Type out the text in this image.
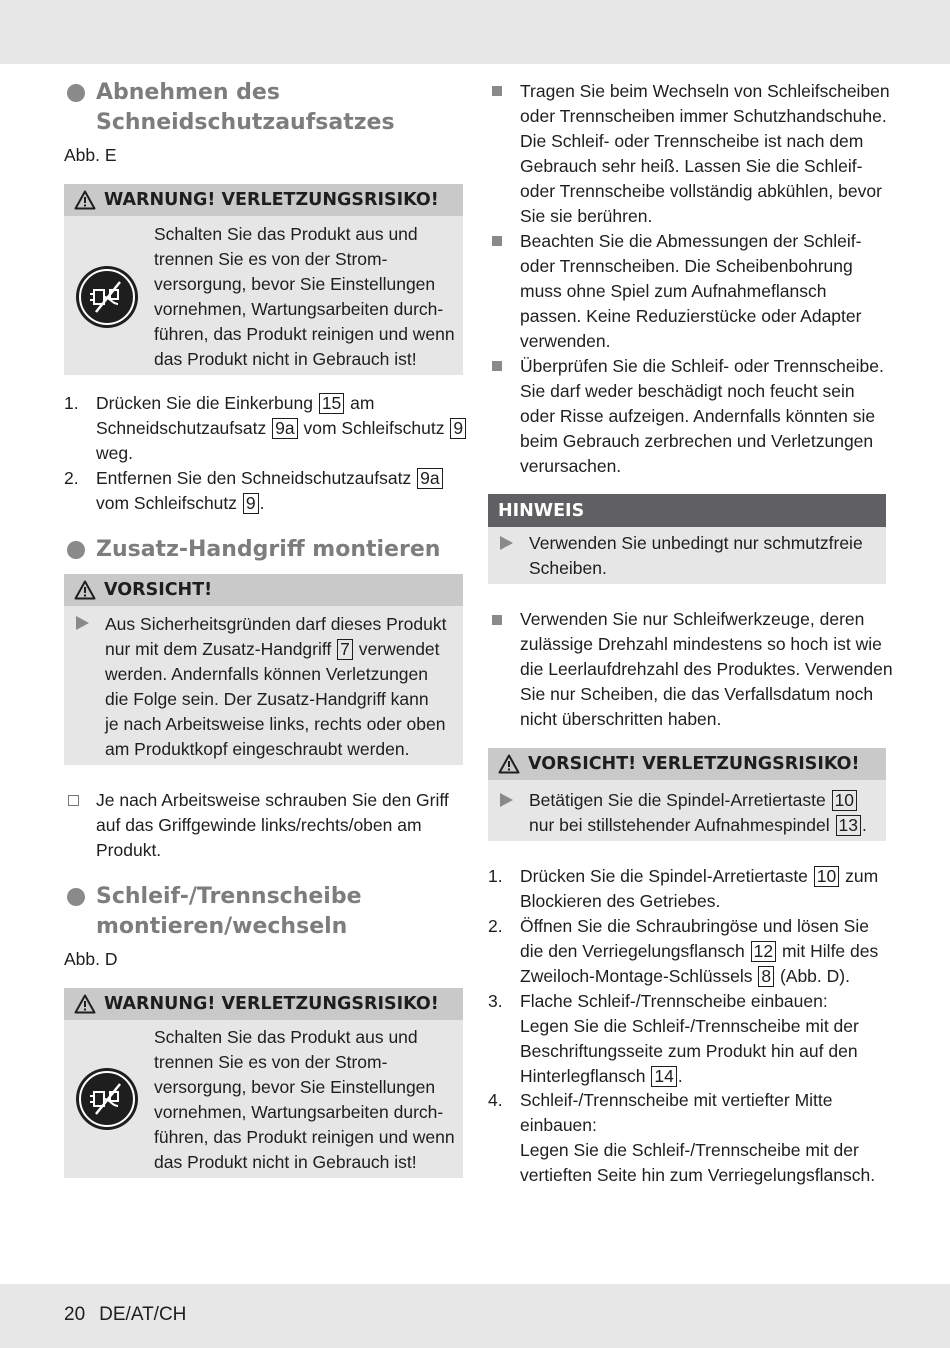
Abnehmen des
Schneidschutzaufsatzes
Abb. E
WARNUNG! VERLETZUNGSRISIKO!
Schalten Sie das Produkt aus und
trennen Sie es von der Strom-
versorgung, bevor Sie Einstellungen
vornehmen, Wartungsarbeiten durch-
führen, das Produkt reinigen und wenn
das Produkt nicht in Gebrauch ist!
1. Drücken Sie die Einkerbung 15 am
Schneidschutzaufsatz 9a vom Schleifschutz 9
weg.
2. Entfernen Sie den Schneidschutzaufsatz 9a
vom Schleifschutz 9 .
Zusatz-Handgriff montieren
VORSICHT!
Aus Sicherheitsgründen darf dieses Produkt
nur mit dem Zusatz-Handgriff 7 verwendet
werden. Andernfalls können Verletzungen
die Folge sein. Der Zusatz-Handgriff kann
je nach Arbeitsweise links, rechts oder oben
am Produktkopf eingeschraubt werden.
Je nach Arbeitsweise schrauben Sie den Griff
auf das Griffgewinde links/rechts/oben am
Produkt.
Schleif-/Trennscheibe
montieren/wechseln
Abb. D
WARNUNG! VERLETZUNGSRISIKO!
Schalten Sie das Produkt aus und
trennen Sie es von der Strom-
versorgung, bevor Sie Einstellungen
vornehmen, Wartungsarbeiten durch-
führen, das Produkt reinigen und wenn
das Produkt nicht in Gebrauch ist!
Tragen Sie beim Wechseln von Schleifscheiben
oder Trennscheiben immer Schutzhandschuhe.
Die Schleif- oder Trennscheibe ist nach dem
Gebrauch sehr heiß. Lassen Sie die Schleif-
oder Trennscheibe vollständig abkühlen, bevor
Sie sie berühren.
Beachten Sie die Abmessungen der Schleif-
oder Trennscheiben. Die Scheibenbohrung
muss ohne Spiel zum Aufnahmeflansch
passen. Keine Reduzierstücke oder Adapter
verwenden.
Überprüfen Sie die Schleif- oder Trennscheibe.
Sie darf weder beschädigt noch feucht sein
oder Risse aufzeigen. Andernfalls könnten sie
beim Gebrauch zerbrechen und Verletzungen
verursachen.
HINWEIS
Verwenden Sie unbedingt nur schmutzfreie
Scheiben.
Verwenden Sie nur Schleifwerkzeuge, deren
zulässige Drehzahl mindestens so hoch ist wie
die Leerlaufdrehzahl des Produktes. Verwenden
Sie nur Scheiben, die das Verfallsdatum noch
nicht überschritten haben.
VORSICHT! VERLETZUNGSRISIKO!
Betätigen Sie die Spindel-Arretiertaste 10
nur bei stillstehender Aufnahmespindel 13 .
1. Drücken Sie die Spindel-Arretiertaste 10 zum
Blockieren des Getriebes.
2. Öffnen Sie die Schraubringöse und lösen Sie
die den Verriegelungsflansch 12 mit Hilfe des
Zweiloch-Montage-Schlüssels 8 (Abb. D).
3. Flache Schleif-/Trennscheibe einbauen:
Legen Sie die Schleif-/Trennscheibe mit der
Beschriftungsseite zum Produkt hin auf den
Hinterlegflansch 14 .
4. Schleif-/Trennscheibe mit vertiefter Mitte
einbauen:
Legen Sie die Schleif-/Trennscheibe mit der
vertieften Seite hin zum Verriegelungsflansch.
20 DE/AT/CH
